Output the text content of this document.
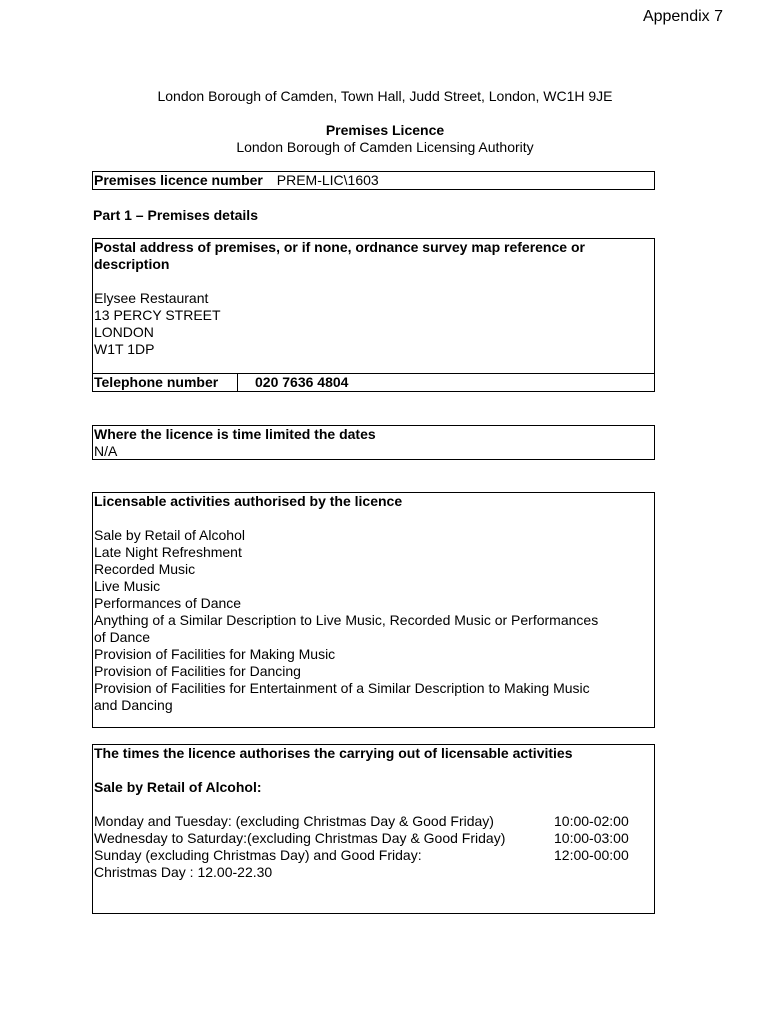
Appendix 7
London Borough of Camden, Town Hall, Judd Street, London, WC1H 9JE
Premises Licence
London Borough of Camden Licensing Authority
Premises licence number PREM-LIC\1603
Part 1 – Premises details
Postal address of premises, or if none, ordnance survey map reference or
description
Elysee Restaurant
13 PERCY STREET
LONDON
W1T 1DP
Telephone number	020 7636 4804
Where the licence is time limited the dates
N/A
Licensable activities authorised by the licence
Sale by Retail of Alcohol
Late Night Refreshment
Recorded Music
Live Music
Performances of Dance
Anything of a Similar Description to Live Music, Recorded Music or Performances
of Dance
Provision of Facilities for Making Music
Provision of Facilities for Dancing
Provision of Facilities for Entertainment of a Similar Description to Making Music
and Dancing
The times the licence authorises the carrying out of licensable activities
Sale by Retail of Alcohol:
Monday and Tuesday: (excluding Christmas Day & Good Friday)	10:00-02:00
Wednesday to Saturday:(excluding Christmas Day & Good Friday)	10:00-03:00
Sunday (excluding Christmas Day) and Good Friday:	12:00-00:00
Christmas Day : 12.00-22.30
